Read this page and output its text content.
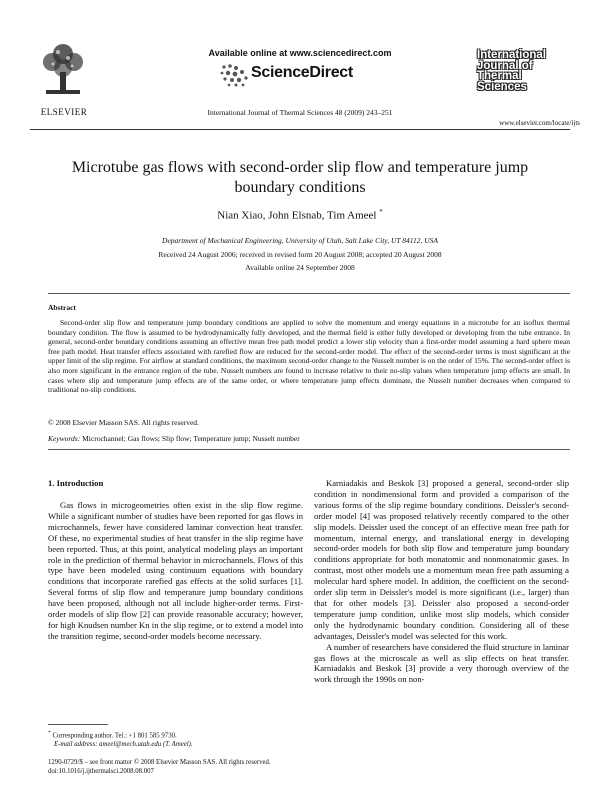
ELSEVIER
Available online at www.sciencedirect.com
ScienceDirect
International Journal of Thermal Sciences 48 (2009) 243–251
International Journal of Thermal Sciences
www.elsevier.com/locate/ijts
Microtube gas flows with second-order slip flow and temperature jump boundary conditions
Nian Xiao, John Elsnab, Tim Ameel *
Department of Mechanical Engineering, University of Utah, Salt Lake City, UT 84112, USA
Received 24 August 2006; received in revised form 20 August 2008; accepted 20 August 2008
Available online 24 September 2008
Abstract
Second-order slip flow and temperature jump boundary conditions are applied to solve the momentum and energy equations in a microtube for an isoflux thermal boundary condition. The flow is assumed to be hydrodynamically fully developed, and the thermal field is either fully developed or developing from the tube entrance. In general, second-order boundary conditions assuming an effective mean free path model predict a lower slip velocity than a first-order model assuming a hard sphere mean free path model. Heat transfer effects associated with rarefied flow are reduced for the second-order model. The effect of the second-order terms is most significant at the upper limit of the slip regime. For airflow at standard conditions, the maximum second-order change to the Nusselt number is on the order of 15%. The second-order effect is also more significant in the entrance region of the tube. Nusselt numbers are found to increase relative to their no-slip values when temperature jump effects are small. In cases where slip and temperature jump effects are of the same order, or where temperature jump effects dominate, the Nusselt number decreases when compared to traditional no-slip conditions.
© 2008 Elsevier Masson SAS. All rights reserved.
Keywords: Microchannel; Gas flows; Slip flow; Temperature jump; Nusselt number
1. Introduction

Gas flows in microgeometries often exist in the slip flow regime. While a significant number of studies have been reported for gas flows in microchannels, fewer have considered laminar convection heat transfer. Of these, no experimental studies of heat transfer in the slip regime have been reported. Thus, at this point, analytical modeling plays an important role in the prediction of thermal behavior in microchannels. Flows of this type have been modeled using continuum equations with boundary conditions that incorporate rarefied gas effects at the solid surfaces [1]. Several forms of slip flow and temperature jump boundary conditions have been proposed, although not all include higher-order terms. First-order models of slip flow [2] can provide reasonable accuracy; however, for high Knudsen number Kn in the slip regime, or to extend a model into the transition regime, second-order models become necessary.

Karniadakis and Beskok [3] proposed a general, second-order slip condition in nondimensional form and provided a comparison of the various forms of the slip regime boundary conditions. Deissler's second-order model [4] was proposed relatively recently compared to the other slip models. Deissler used the concept of an effective mean free path for momentum, internal energy, and translational energy in developing second-order models for both slip flow and temperature jump boundary conditions appropriate for both monatomic and nonmonatomic gases. In contrast, most other models use a momentum mean free path assuming a molecular hard sphere model. In addition, the coefficient on the second-order slip term in Deissler's model is more significant (i.e., larger) than that for other models [3]. Deissler also proposed a second-order temperature jump condition, unlike most slip models, which consider only the hydrodynamic boundary condition. Considering all of these advantages, Deissler's model was selected for this work.

A number of researchers have considered the fluid structure in laminar gas flows at the microscale as well as slip effects on heat transfer. Karniadakis and Beskok [3] provide a very thorough overview of the work through the 1990s on non-

* Corresponding author. Tel.: +1 801 585 9730.
E-mail address: ameel@mech.utah.edu (T. Ameel).
1290-0729/$ – see front matter © 2008 Elsevier Masson SAS. All rights reserved.
doi:10.1016/j.ijthermalsci.2008.08.007
